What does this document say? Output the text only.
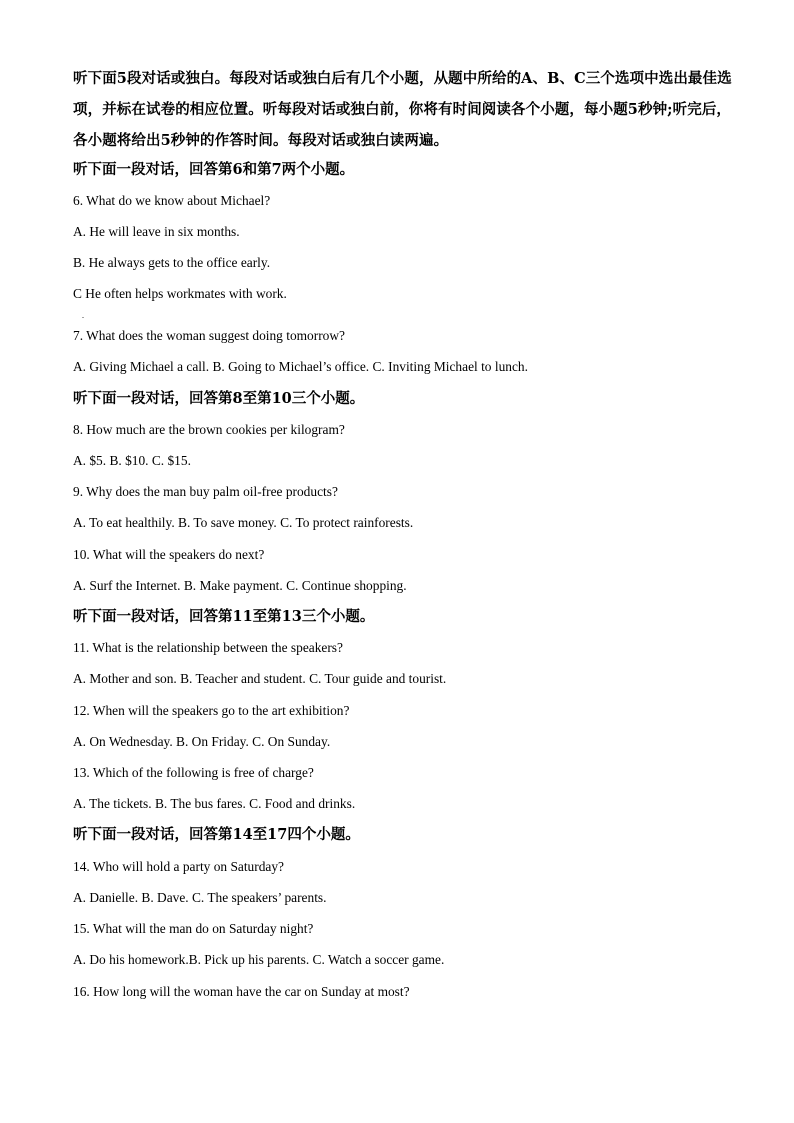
听下面5段对话或独白。每段对话或独白后有几个小题，从题中所给的A、B、C三个选项中选出最佳选项，并标在试卷的相应位置。听每段对话或独白前，你将有时间阅读各个小题，每小题5秒钟;听完后，各小题将给出5秒钟的作答时间。每段对话或独白读两遍。
听下面一段对话，回答第6和第7两个小题。
6. What do we know about Michael?
A. He will leave in six months.
B. He always gets to the office early.
C He often helps workmates with work.
.
7. What does the woman suggest doing tomorrow?
A. Giving Michael a call. B. Going to Michael’s office. C. Inviting Michael to lunch.
听下面一段对话，回答第8至第10三个小题。
8. How much are the brown cookies per kilogram?
A. $5. B. $10. C. $15.
9. Why does the man buy palm oil-free products?
A. To eat healthily. B. To save money. C. To protect rainforests.
10. What will the speakers do next?
A. Surf the Internet. B. Make payment. C. Continue shopping.
听下面一段对话，回答第11至第13三个小题。
11. What is the relationship between the speakers?
A. Mother and son. B. Teacher and student. C. Tour guide and tourist.
12. When will the speakers go to the art exhibition?
A. On Wednesday. B. On Friday. C. On Sunday.
13. Which of the following is free of charge?
A. The tickets. B. The bus fares. C. Food and drinks.
听下面一段对话，回答第14至17四个小题。
14. Who will hold a party on Saturday?
A. Danielle. B. Dave. C. The speakers’ parents.
15. What will the man do on Saturday night?
A. Do his homework.B. Pick up his parents. C. Watch a soccer game.
16. How long will the woman have the car on Sunday at most?
